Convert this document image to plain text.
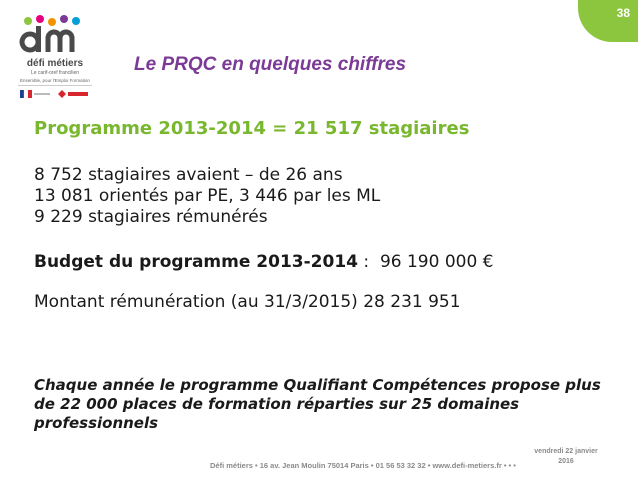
38
défi métiers
Le carif-oref francilien
Ensemble, pour l'Emploi Formation
Le PRQC en quelques chiffres

Programme 2013-2014 = 21 517 stagiaires

8 752 stagiaires avaient – de 26 ans
13 081 orientés par PE, 3 446 par les ML
9 229 stagiaires rémunérés
Budget du programme 2013-2014 :  96 190 000 €
Montant rémunération (au 31/3/2015) 28 231 951
Chaque année le programme Qualifiant Compétences propose plus de 22 000 places de formation réparties sur 25 domaines professionnels
Défi métiers • 16 av. Jean Moulin 75014 Paris • 01 56 53 32 32 • www.defi-metiers.fr • • •
vendredi 22 janvier
2016
